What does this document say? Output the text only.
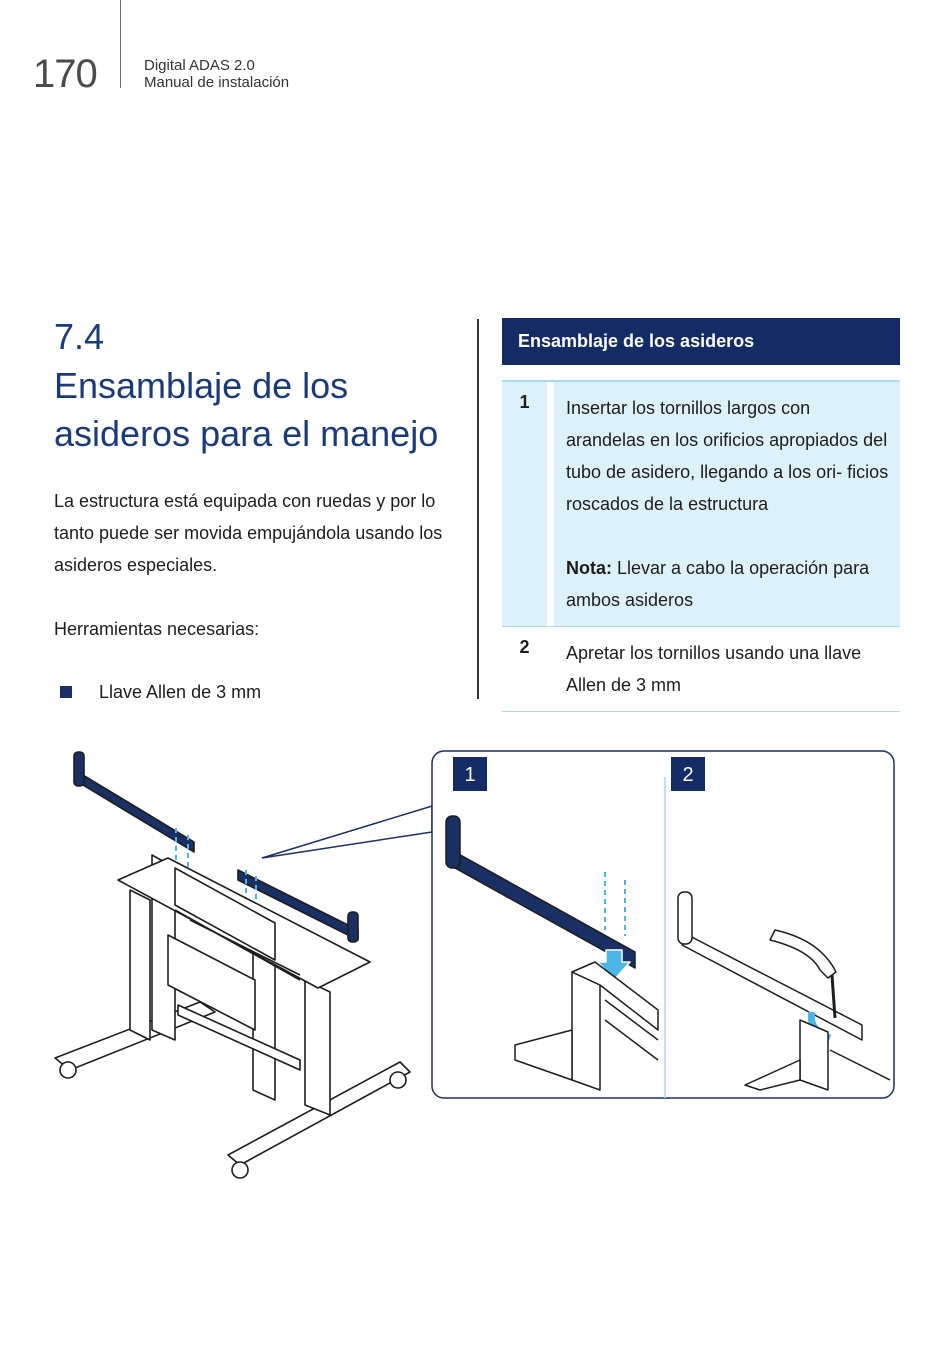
170	Digital ADAS 2.0
Manual de instalación
7.4
Ensamblaje de los asideros para el manejo
La estructura está equipada con ruedas y por lo tanto puede ser movida empujándola usando los asideros especiales.
Herramientas necesarias:
Llave Allen de 3 mm
Ensamblaje de los asideros
1	Insertar los tornillos largos con arandelas en los orificios apropiados del tubo de asidero, llegando a los ori- ficios roscados de la estructura
Nota: Llevar a cabo la operación para ambos asideros
2	Apretar los tornillos usando una llave Allen de 3 mm
1	2
